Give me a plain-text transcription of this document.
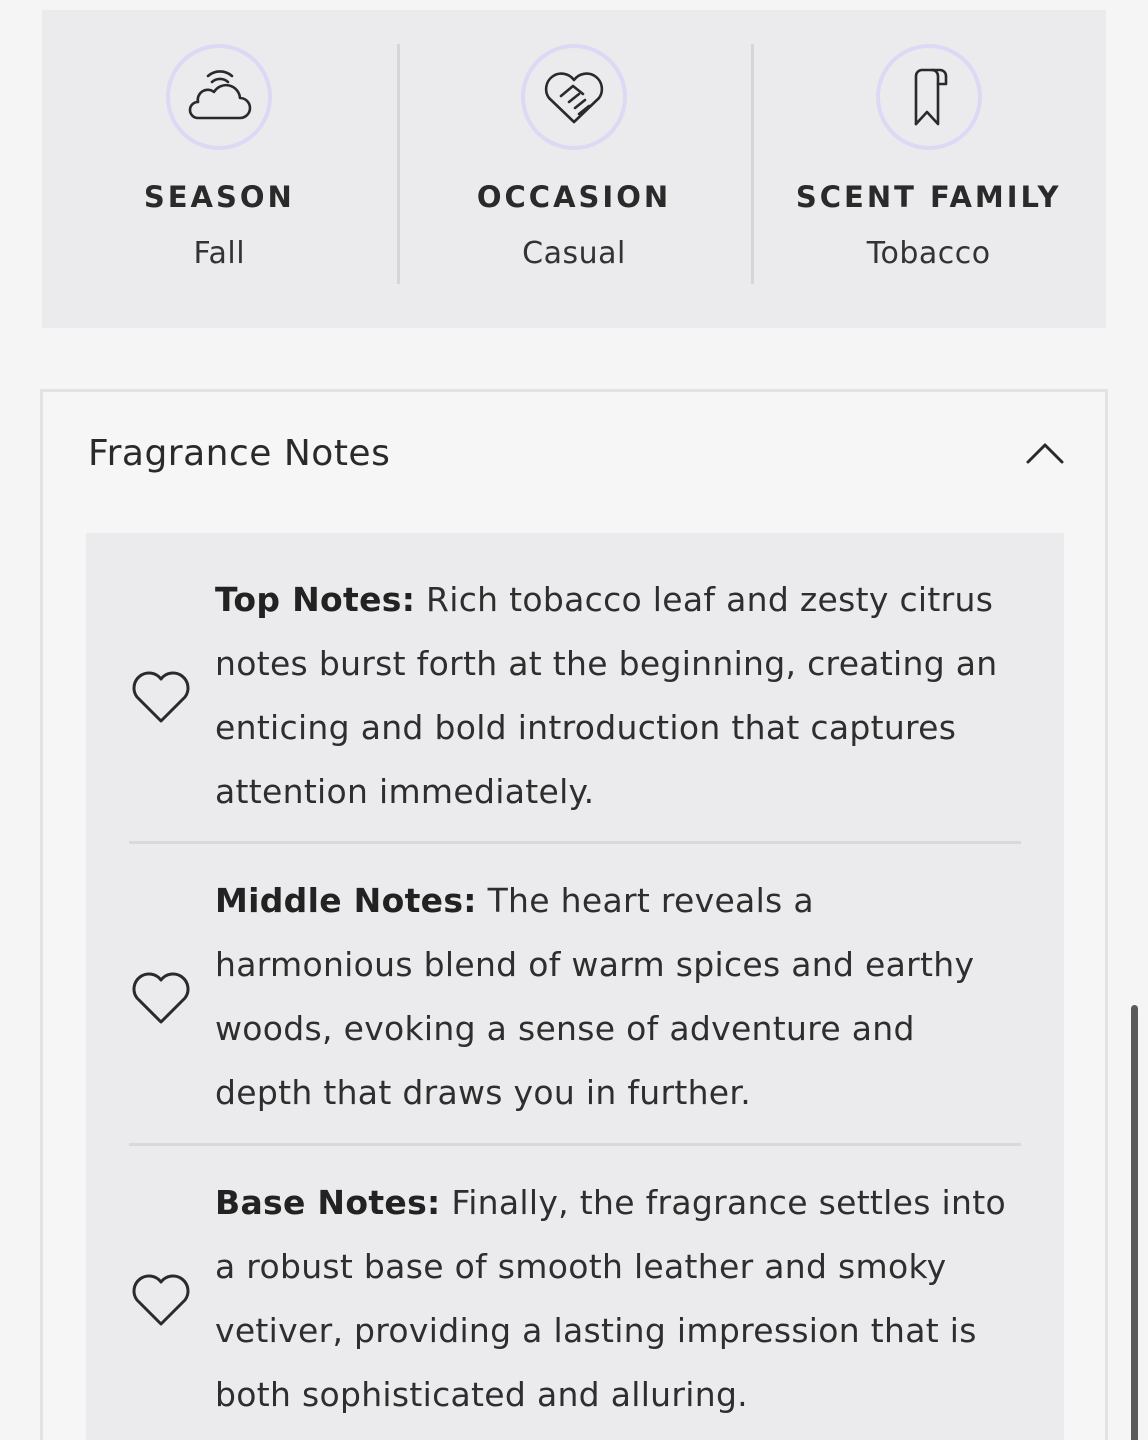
SEASON
Fall
OCCASION
Casual
SCENT FAMILY
Tobacco
Fragrance Notes
Top Notes: Rich tobacco leaf and zesty citrus notes burst forth at the beginning, creating an enticing and bold introduction that captures attention immediately.
Middle Notes: The heart reveals a harmonious blend of warm spices and earthy woods, evoking a sense of adventure and depth that draws you in further.
Base Notes: Finally, the fragrance settles into a robust base of smooth leather and smoky vetiver, providing a lasting impression that is both sophisticated and alluring.
